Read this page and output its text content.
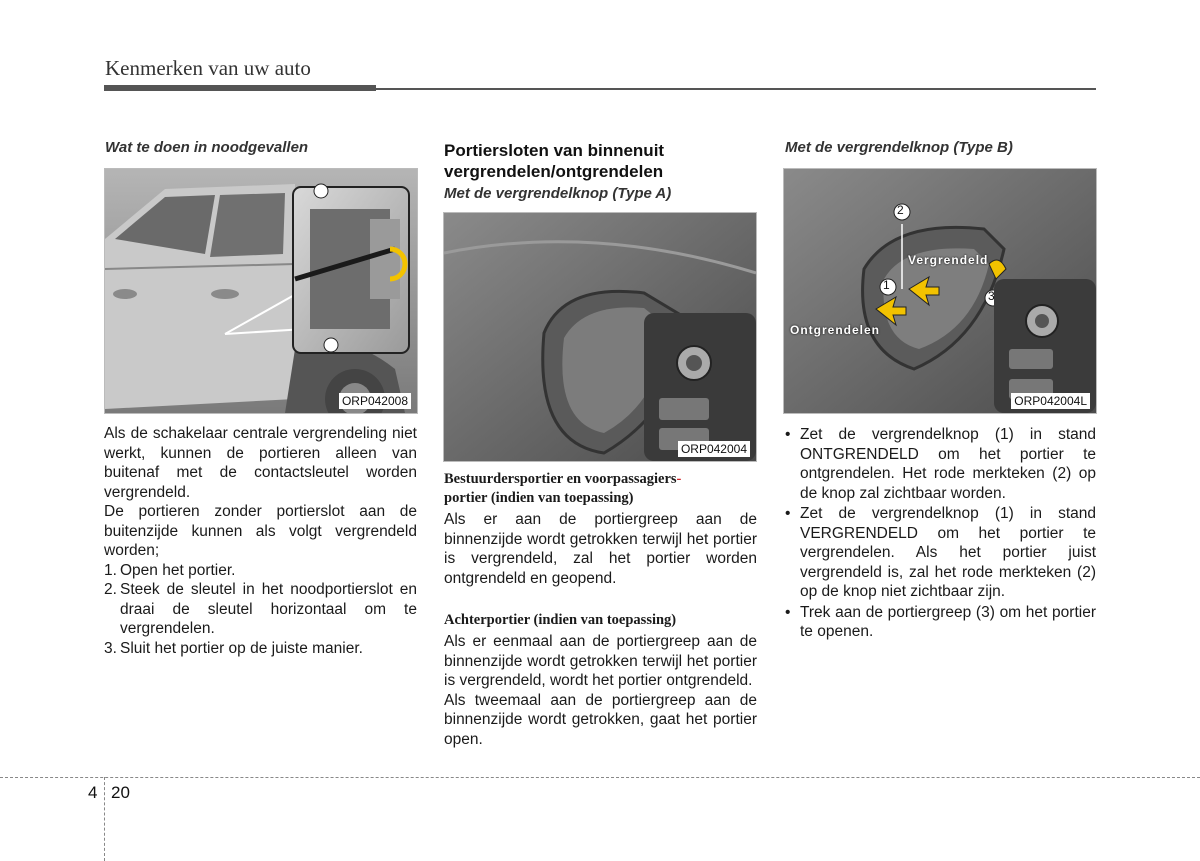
Kenmerken van uw auto
Wat te doen in noodgevallen
ORP042008
Als de schakelaar centrale vergrendeling niet werkt, kunnen de portieren alleen van buitenaf met de contactsleutel worden vergrendeld.
De portieren zonder portierslot aan de buitenzijde kunnen als volgt vergrendeld worden;
1. Open het portier.
2. Steek de sleutel in het noodportierslot en draai de sleutel horizontaal om te vergrendelen.
3. Sluit het portier op de juiste manier.
Portiersloten van binnenuit vergrendelen/ontgrendelen
Met de vergrendelknop (Type A)
ORP042004
Bestuurdersportier en voorpassagiers-
portier (indien van toepassing)
Als er aan de portiergreep aan de binnenzijde wordt getrokken terwijl het portier is vergrendeld, zal het portier worden ontgrendeld en geopend.
Achterportier (indien van toepassing)
Als er eenmaal aan de portiergreep aan de binnenzijde wordt getrokken terwijl het portier is vergrendeld, wordt het portier ontgrendeld.
Als tweemaal aan de portiergreep aan de binnenzijde wordt getrokken, gaat het portier open.
Met de vergrendelknop (Type B)
2
1
3
Vergrendeld
Ontgrendelen
ORP042004L
• Zet de vergrendelknop (1) in stand ONTGRENDELD om het portier te ontgrendelen. Het rode merkteken (2) op de knop zal zichtbaar worden.
• Zet de vergrendelknop (1) in stand VERGRENDELD om het portier te vergrendelen. Als het portier juist vergrendeld is, zal het rode merkteken (2) op de knop niet zichtbaar zijn.
• Trek aan de portiergreep (3) om het portier te openen.
4 20
